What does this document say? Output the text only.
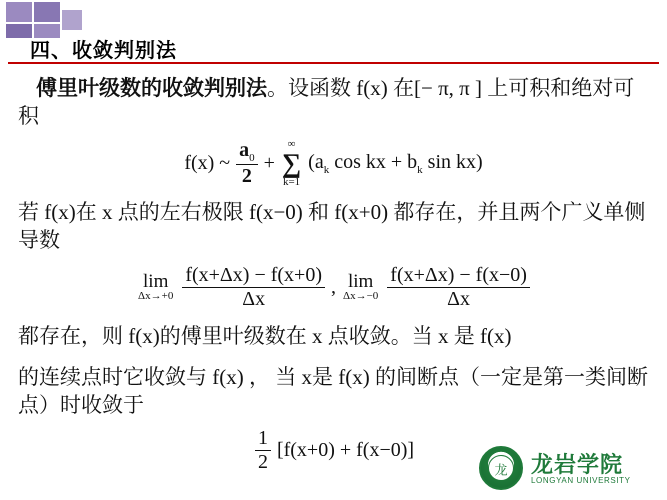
四、收敛判别法
傅里叶级数的收敛判别法。设函数 f(x) 在[− π, π ] 上可积和绝对可积
f(x) ~ $\frac{a_0}{2}$ +
∞
∑
k=1
($a_k$ cos kx + $b_k$ sin kx)
若 f(x)在 x 点的左右极限 f(x−0) 和 f(x+0) 都存在，并且两个广义单侧导数
lim
$\Delta x\to+0 \frac{f(x+\Delta x) - f(x+0)}{\Delta x}$ , lim
$\Delta x\to-0 \frac{f(x+\Delta x) - f(x-0)}{\Delta x}$
都存在，则 f(x)的傅里叶级数在 x 点收敛。当 x 是 f(x)
的连续点时它收敛与 f(x) ， 当 x是 f(x) 的间断点（一定是第一类间断点）时收敛于
$\frac{1}{2} [f(x+0) + f(x-0)]$
龙 龙岩学院
LONGYAN UNIVERSITY
